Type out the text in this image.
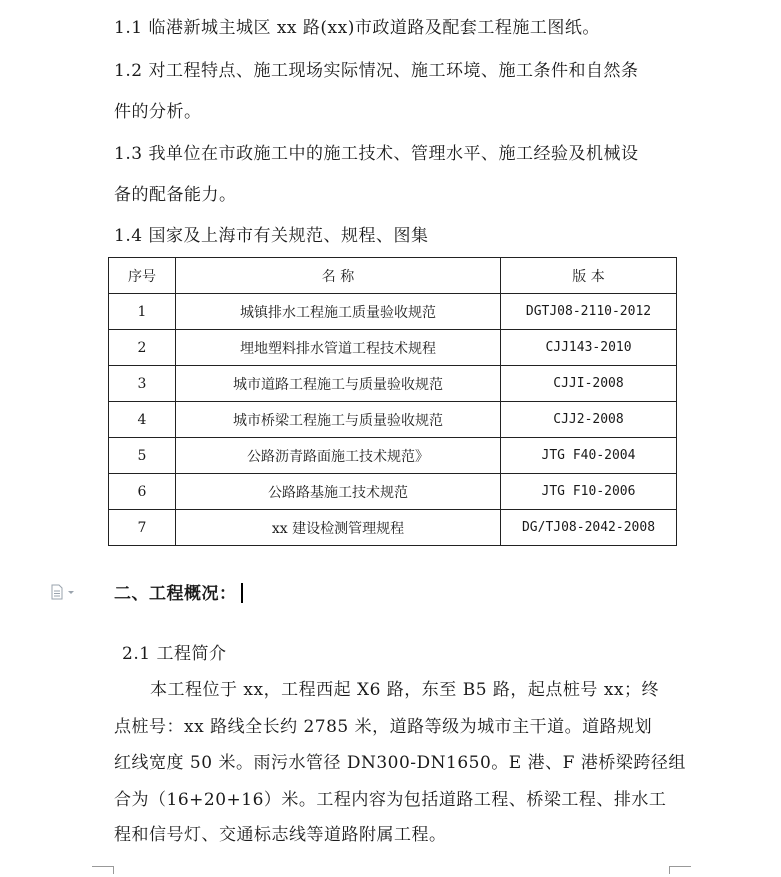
1.1 临港新城主城区 xx 路(xx)市政道路及配套工程施工图纸。
1.2 对工程特点、施工现场实际情况、施工环境、施工条件和自然条
件的分析。
1.3 我单位在市政施工中的施工技术、管理水平、施工经验及机械设
备的配备能力。
1.4 国家及上海市有关规范、规程、图集
序号	名 称	版 本
1	城镇排水工程施工质量验收规范	DGTJ08-2110-2012
2	埋地塑料排水管道工程技术规程	CJJ143-2010
3	城市道路工程施工与质量验收规范	CJJI-2008
4	城市桥梁工程施工与质量验收规范	CJJ2-2008
5	公路沥青路面施工技术规范》	JTG F40-2004
6	公路路基施工技术规范	JTG F10-2006
7	xx 建设检测管理规程	DG/TJ08-2042-2008
二、工程概况：
2.1 工程简介
本工程位于 xx，工程西起 X6 路，东至 B5 路，起点桩号 xx；终
点桩号：xx 路线全长约 2785 米，道路等级为城市主干道。道路规划
红线宽度 50 米。雨污水管径 DN300-DN1650。E 港、F 港桥梁跨径组
合为（16+20+16）米。工程内容为包括道路工程、桥梁工程、排水工
程和信号灯、交通标志线等道路附属工程。
